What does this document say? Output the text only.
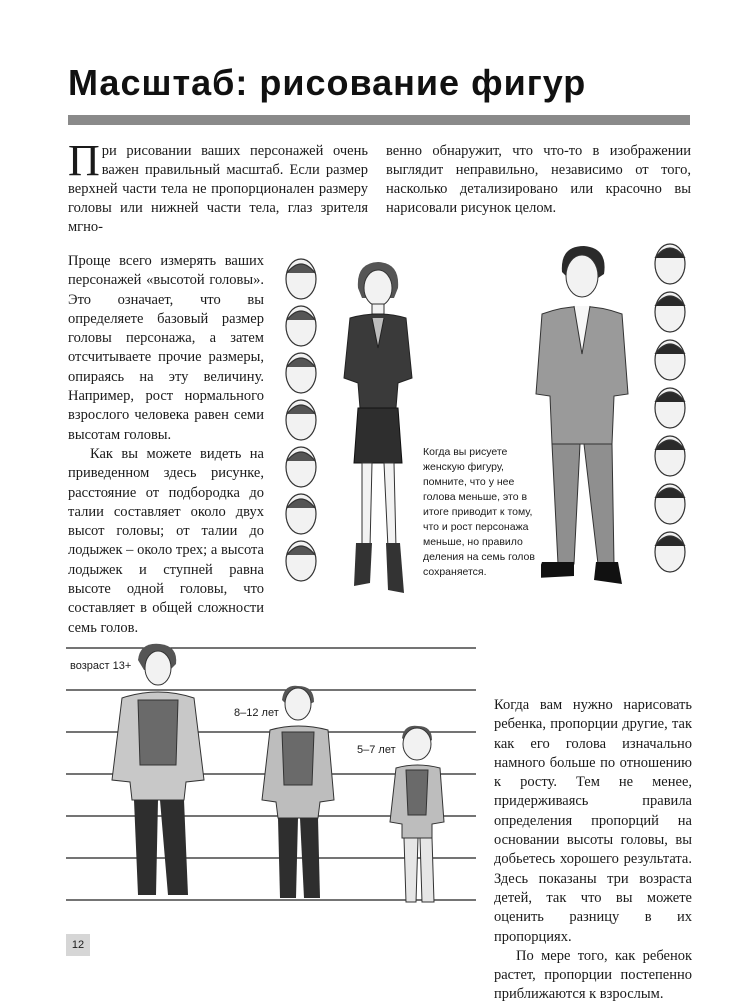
Масштаб: рисование фигур
П ри рисовании ваших персонажей очень важен правильный масштаб. Если размер верхней части тела не пропорционален размеру головы или нижней части тела, глаз зрителя мгно-
венно обнаружит, что что-то в изображении выглядит неправильно, независимо от того, насколько детализировано или красочно вы нарисовали рисунок целом.

Проще всего измерять ваших персонажей «высотой головы». Это означает, что вы определяете базовый размер головы персонажа, а затем отсчитываете прочие размеры, опираясь на эту величину. Например, рост нормального взрослого человека равен семи высотам головы.

Как вы можете видеть на приведенном здесь рисунке, расстояние от подбородка до талии составляет около двух высот головы; от талии до лодыжек – около трех; а высота лодыжек и ступней равна высоте одной головы, что составляет в общей сложности семь голов.

Когда вы рисуете женскую фигуру, помните, что у нее голова меньше, это в итоге приводит к тому, что и рост персонажа меньше, но правило деления на семь голов сохраняется.
возраст 13+
8–12 лет
5–7 лет

Когда вам нужно нарисовать ребенка, пропорции другие, так как его голова изначально намного больше по отношению к росту. Тем не менее, придерживаясь правила определения пропорций на основании высоты головы, вы добьетесь хорошего результата. Здесь показаны три возраста детей, так что вы можете оценить разницу в их пропорциях.

По мере того, как ребенок растет, пропорции постепенно приближаются к взрослым.

12
